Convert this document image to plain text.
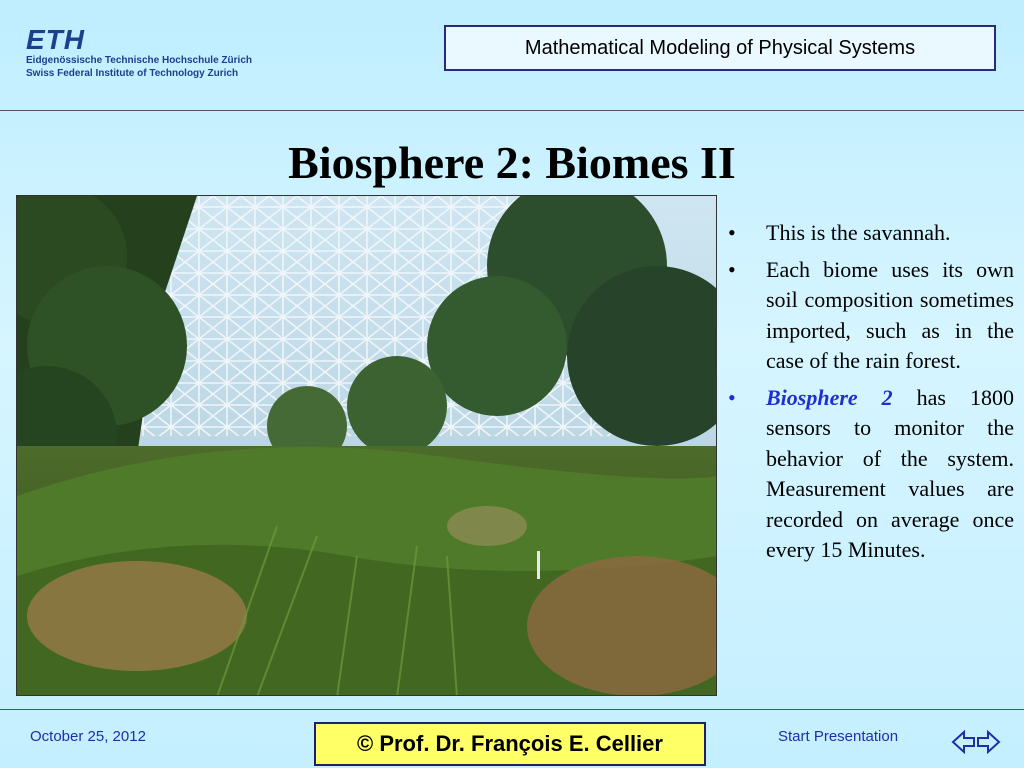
ETH
Eidgenössische Technische Hochschule Zürich
Swiss Federal Institute of Technology Zurich
Mathematical Modeling of Physical Systems
Biosphere 2: Biomes II
• This is the savannah.
• Each biome uses its own soil composition sometimes imported, such as in the case of the rain forest.
• Biosphere 2 has 1800 sensors to monitor the behavior of the system. Measurement values are recorded on average once every 15 Minutes.
October 25, 2012	© Prof. Dr. François E. Cellier	Start Presentation
